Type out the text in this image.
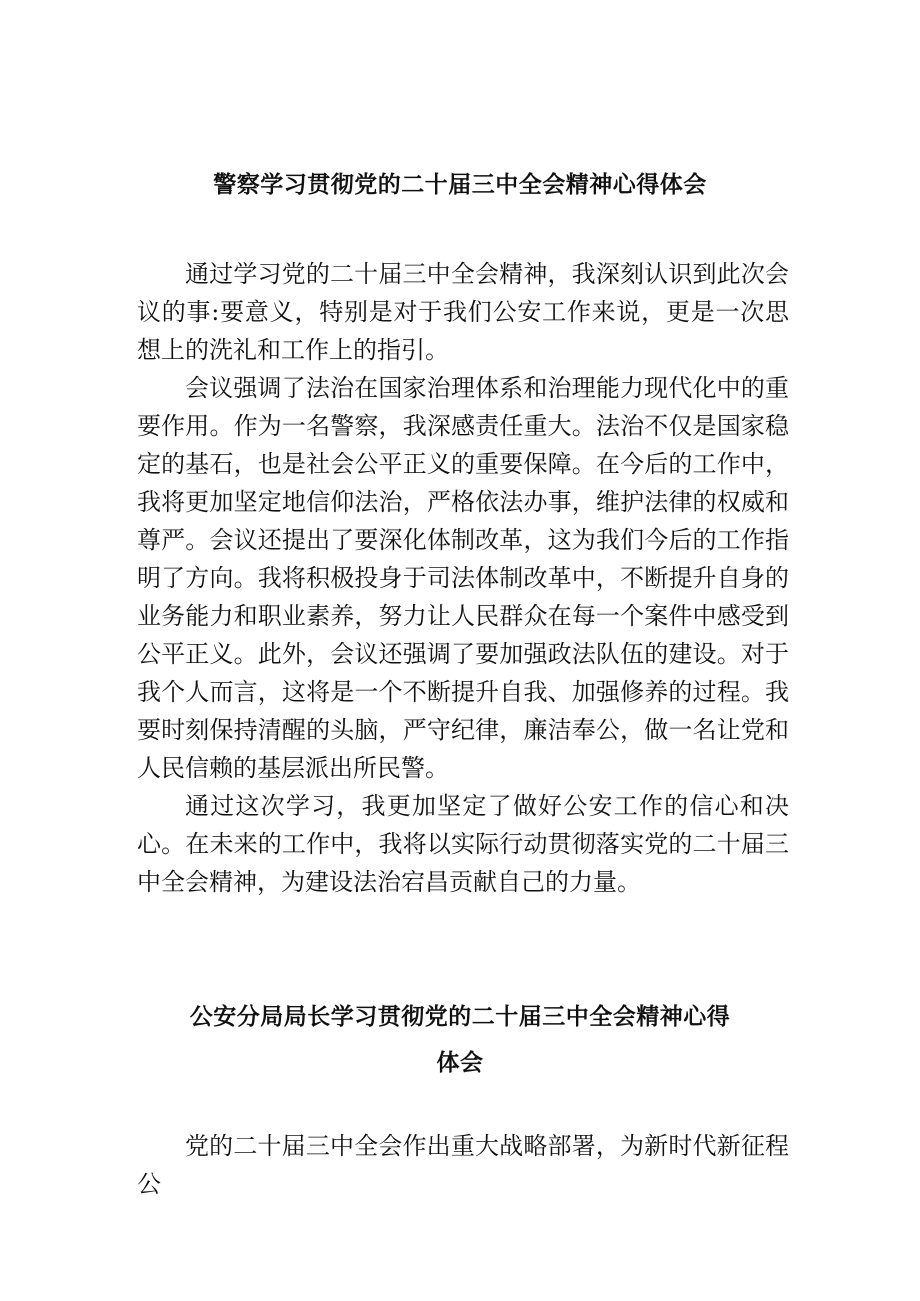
警察学习贯彻党的二十届三中全会精神心得体会

通过学习党的二十届三中全会精神，我深刻认识到此次会议的事:要意义，特别是对于我们公安工作来说，更是一次思想上的洗礼和工作上的指引。

会议强调了法治在国家治理体系和治理能力现代化中的重要作用。作为一名警察，我深感责任重大。法治不仅是国家稳定的基石，也是社会公平正义的重要保障。在今后的工作中，我将更加坚定地信仰法治，严格依法办事，维护法律的权威和尊严。会议还提出了要深化体制改革，这为我们今后的工作指明了方向。我将积极投身于司法体制改革中，不断提升自身的业务能力和职业素养，努力让人民群众在每一个案件中感受到公平正义。此外，会议还强调了要加强政法队伍的建设。对于我个人而言，这将是一个不断提升自我、加强修养的过程。我要时刻保持清醒的头脑，严守纪律，廉洁奉公，做一名让党和人民信赖的基层派出所民警。

通过这次学习，我更加坚定了做好公安工作的信心和决心。在未来的工作中，我将以实际行动贯彻落实党的二十届三中全会精神，为建设法治宕昌贡献自己的力量。

公安分局局长学习贯彻党的二十届三中全会精神心得
体会

党的二十届三中全会作出重大战略部署，为新时代新征程公
